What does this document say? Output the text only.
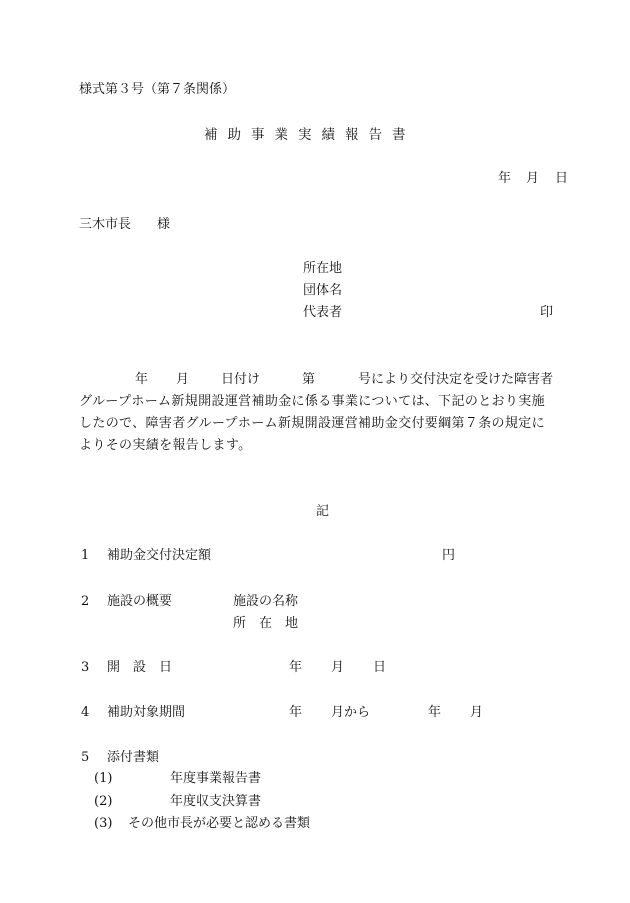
様式第３号（第７条関係）
補助事業実績報告書
年 月 日
三木市長　　様
所在地
団体名
代表者	印
年 月 日付け	第	号により交付決定を受けた障害者
グループホーム新規開設運営補助金に係る事業については、下記のとおり実施
したので、障害者グループホーム新規開設運営補助金交付要綱第７条の規定に
よりその実績を報告します。
記
1 補助金交付決定額	円
2 施設の概要	施設の名称
所　在　地
3 開　設　日	年 月 日
4 補助対象期間	年 月から	年 月
5 添付書類
(1)	年度事業報告書
(2)	年度収支決算書
(3) その他市長が必要と認める書類
